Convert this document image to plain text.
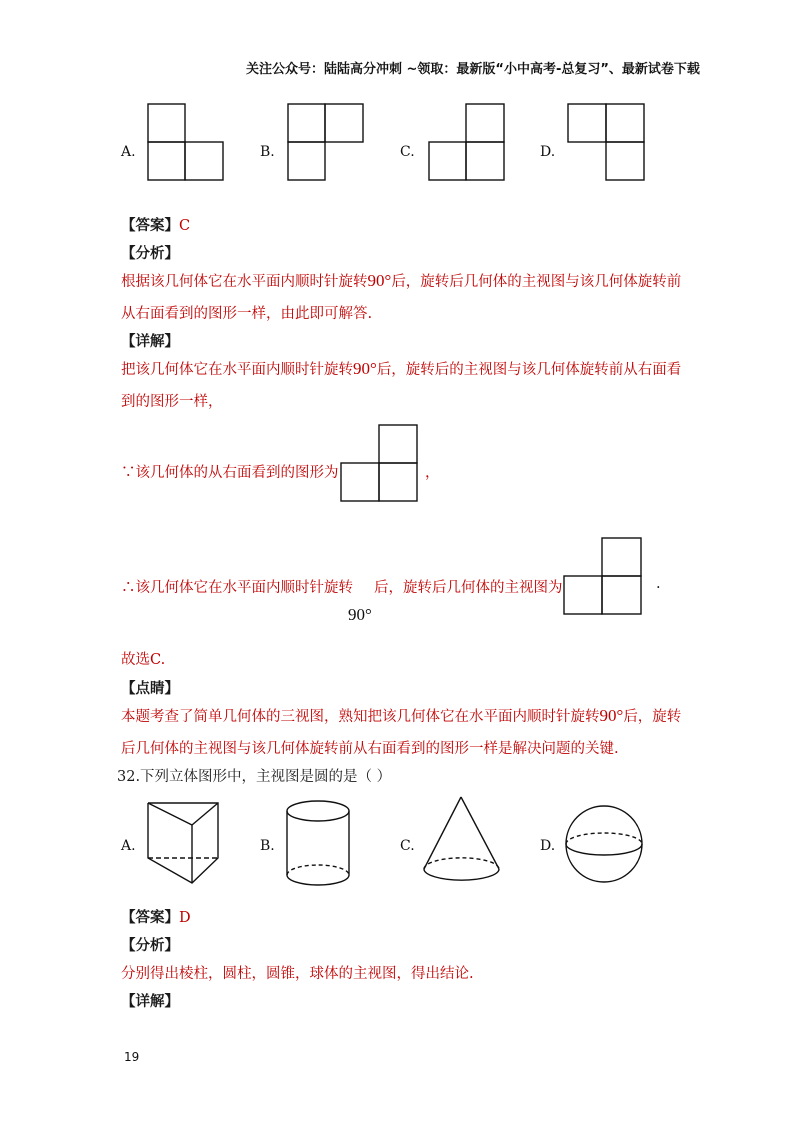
关注公众号：陆陆高分冲刺 ~领取：最新版“小中高考-总复习”、最新试卷下载
A.	B.	C.	D.
【答案】C
【分析】
根据该几何体它在水平面内顺时针旋转90°后，旋转后几何体的主视图与该几何体旋转前
从右面看到的图形一样，由此即可解答.
【详解】
把该几何体它在水平面内顺时针旋转90°后，旋转后的主视图与该几何体旋转前从右面看
到的图形一样，
∵该几何体的从右面看到的图形为	，
∴该几何体它在水平面内顺时针旋转 后，旋转后几何体的主视图为
90°
.
故选C.
【点睛】
本题考查了简单几何体的三视图，熟知把该几何体它在水平面内顺时针旋转90°后，旋转
后几何体的主视图与该几何体旋转前从右面看到的图形一样是解决问题的关键.
32.下列立体图形中，主视图是圆的是（ ）
A.	B.	C.	D.
【答案】D
【分析】
分别得出棱柱，圆柱，圆锥，球体的主视图，得出结论.
【详解】
19
